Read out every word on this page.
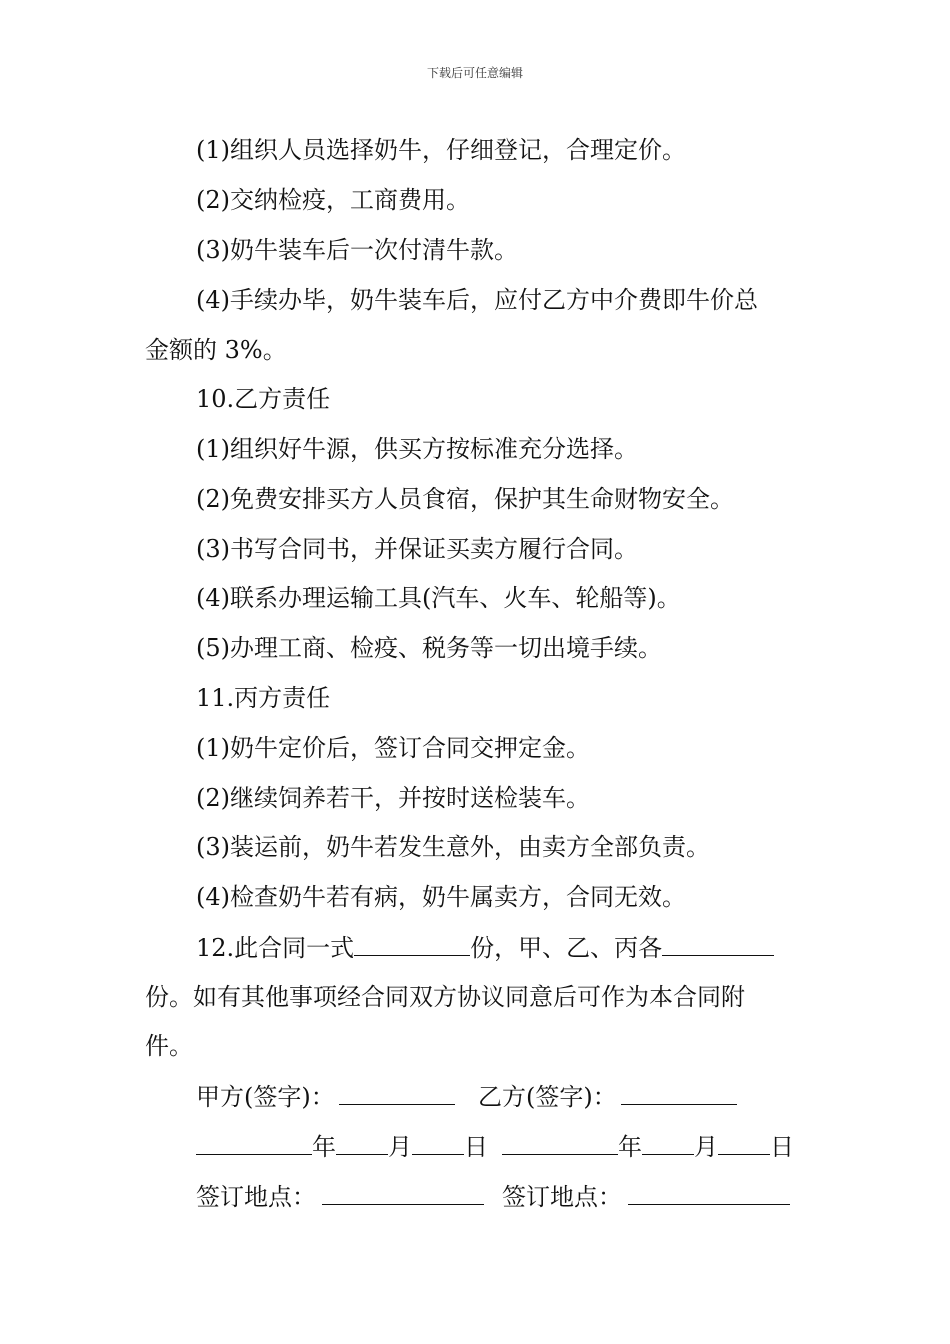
下载后可任意编辑
(1)组织人员选择奶牛，仔细登记，合理定价。
(2)交纳检疫，工商费用。
(3)奶牛装车后一次付清牛款。
(4)手续办毕，奶牛装车后，应付乙方中介费即牛价总
金额的 3%。
10.乙方责任
(1)组织好牛源，供买方按标准充分选择。
(2)免费安排买方人员食宿，保护其生命财物安全。
(3)书写合同书，并保证买卖方履行合同。
(4)联系办理运输工具(汽车、火车、轮船等)。
(5)办理工商、检疫、税务等一切出境手续。
11.丙方责任
(1)奶牛定价后，签订合同交押定金。
(2)继续饲养若干，并按时送检装车。
(3)装运前，奶牛若发生意外，由卖方全部负责。
(4)检查奶牛若有病，奶牛属卖方，合同无效。
12.此合同一式	份，甲、乙、丙各
份。如有其他事项经合同双方协议同意后可作为本合同附
件。
甲方(签字)：	乙方(签字)：
年 月 日	年 月 日
签订地点：	签订地点：
